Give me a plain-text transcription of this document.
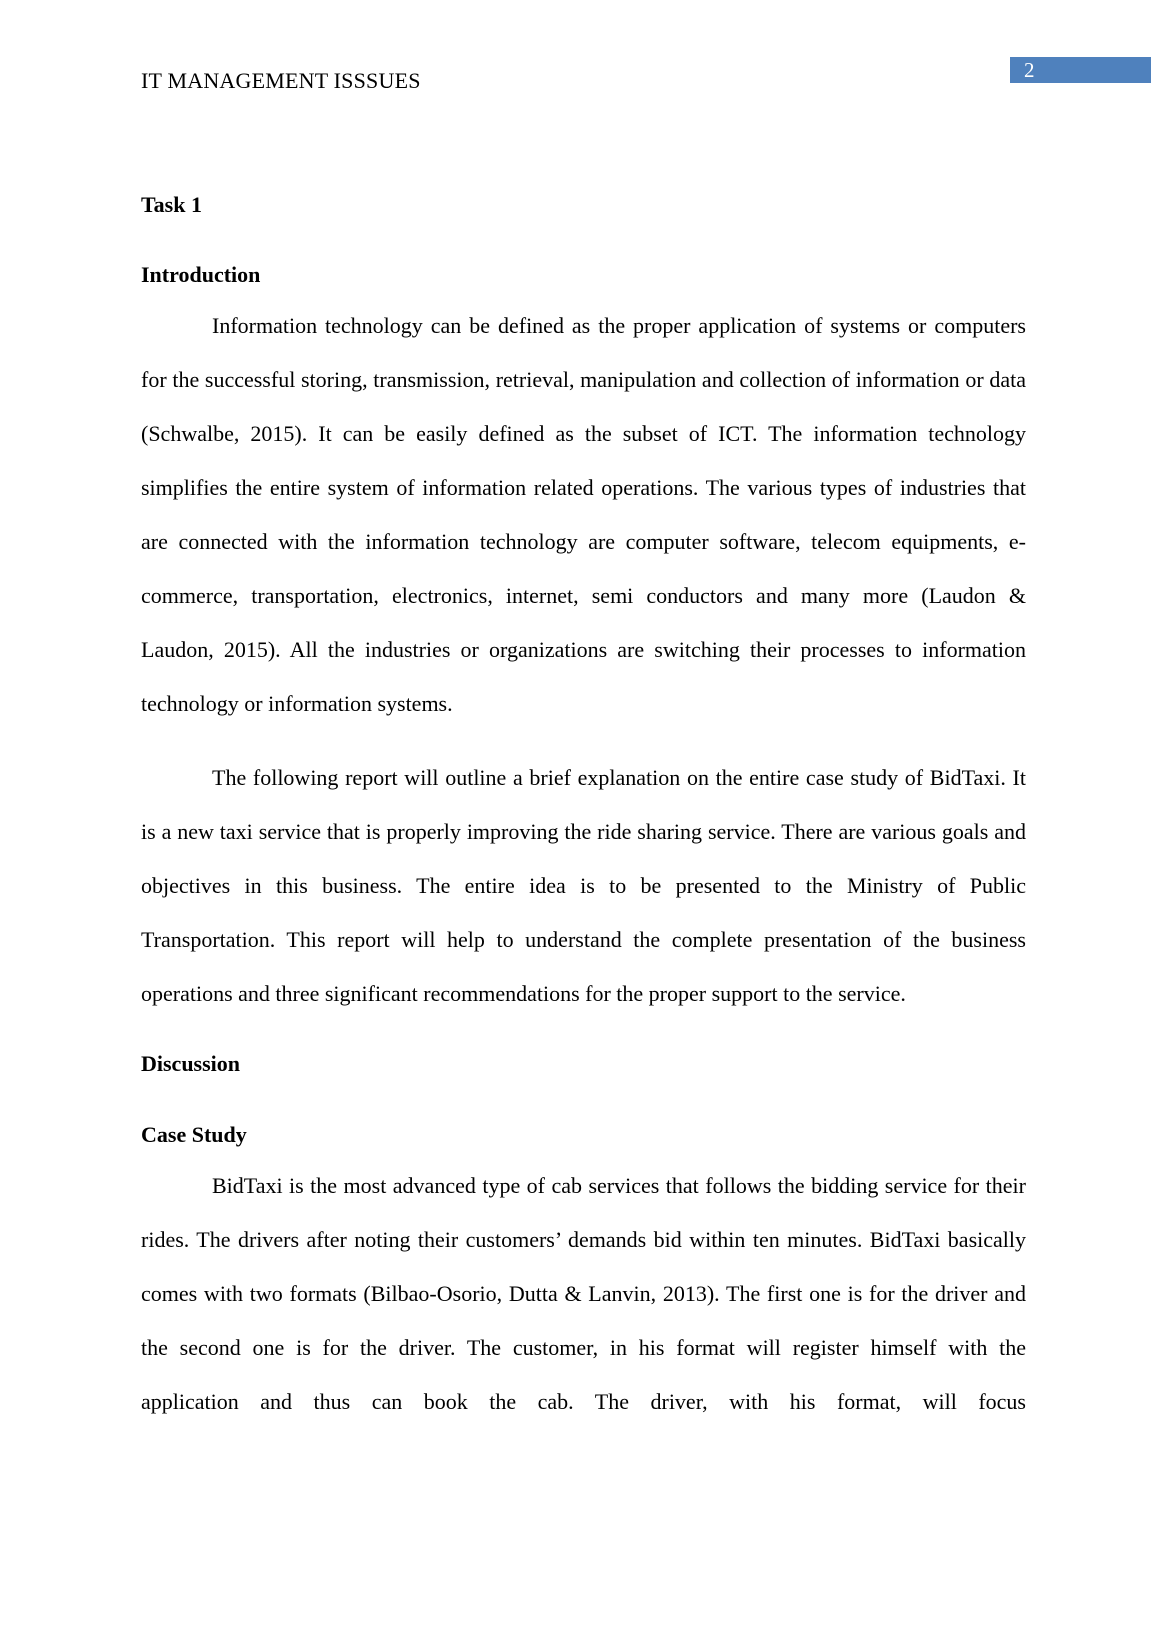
IT MANAGEMENT ISSSUES	2

Task 1

Introduction

Information technology can be defined as the proper application of systems or computers for the successful storing, transmission, retrieval, manipulation and collection of information or data (Schwalbe, 2015). It can be easily defined as the subset of ICT. The information technology simplifies the entire system of information related operations. The various types of industries that are connected with the information technology are computer software, telecom equipments, e-commerce, transportation, electronics, internet, semi conductors and many more (Laudon & Laudon, 2015). All the industries or organizations are switching their processes to information technology or information systems.

The following report will outline a brief explanation on the entire case study of BidTaxi. It is a new taxi service that is properly improving the ride sharing service. There are various goals and objectives in this business. The entire idea is to be presented to the Ministry of Public Transportation. This report will help to understand the complete presentation of the business operations and three significant recommendations for the proper support to the service.

Discussion

Case Study

BidTaxi is the most advanced type of cab services that follows the bidding service for their rides. The drivers after noting their customers’ demands bid within ten minutes. BidTaxi basically comes with two formats (Bilbao-Osorio, Dutta & Lanvin, 2013). The first one is for the driver and the second one is for the driver. The customer, in his format will register himself with the application and thus can book the cab. The driver, with his format, will focus
